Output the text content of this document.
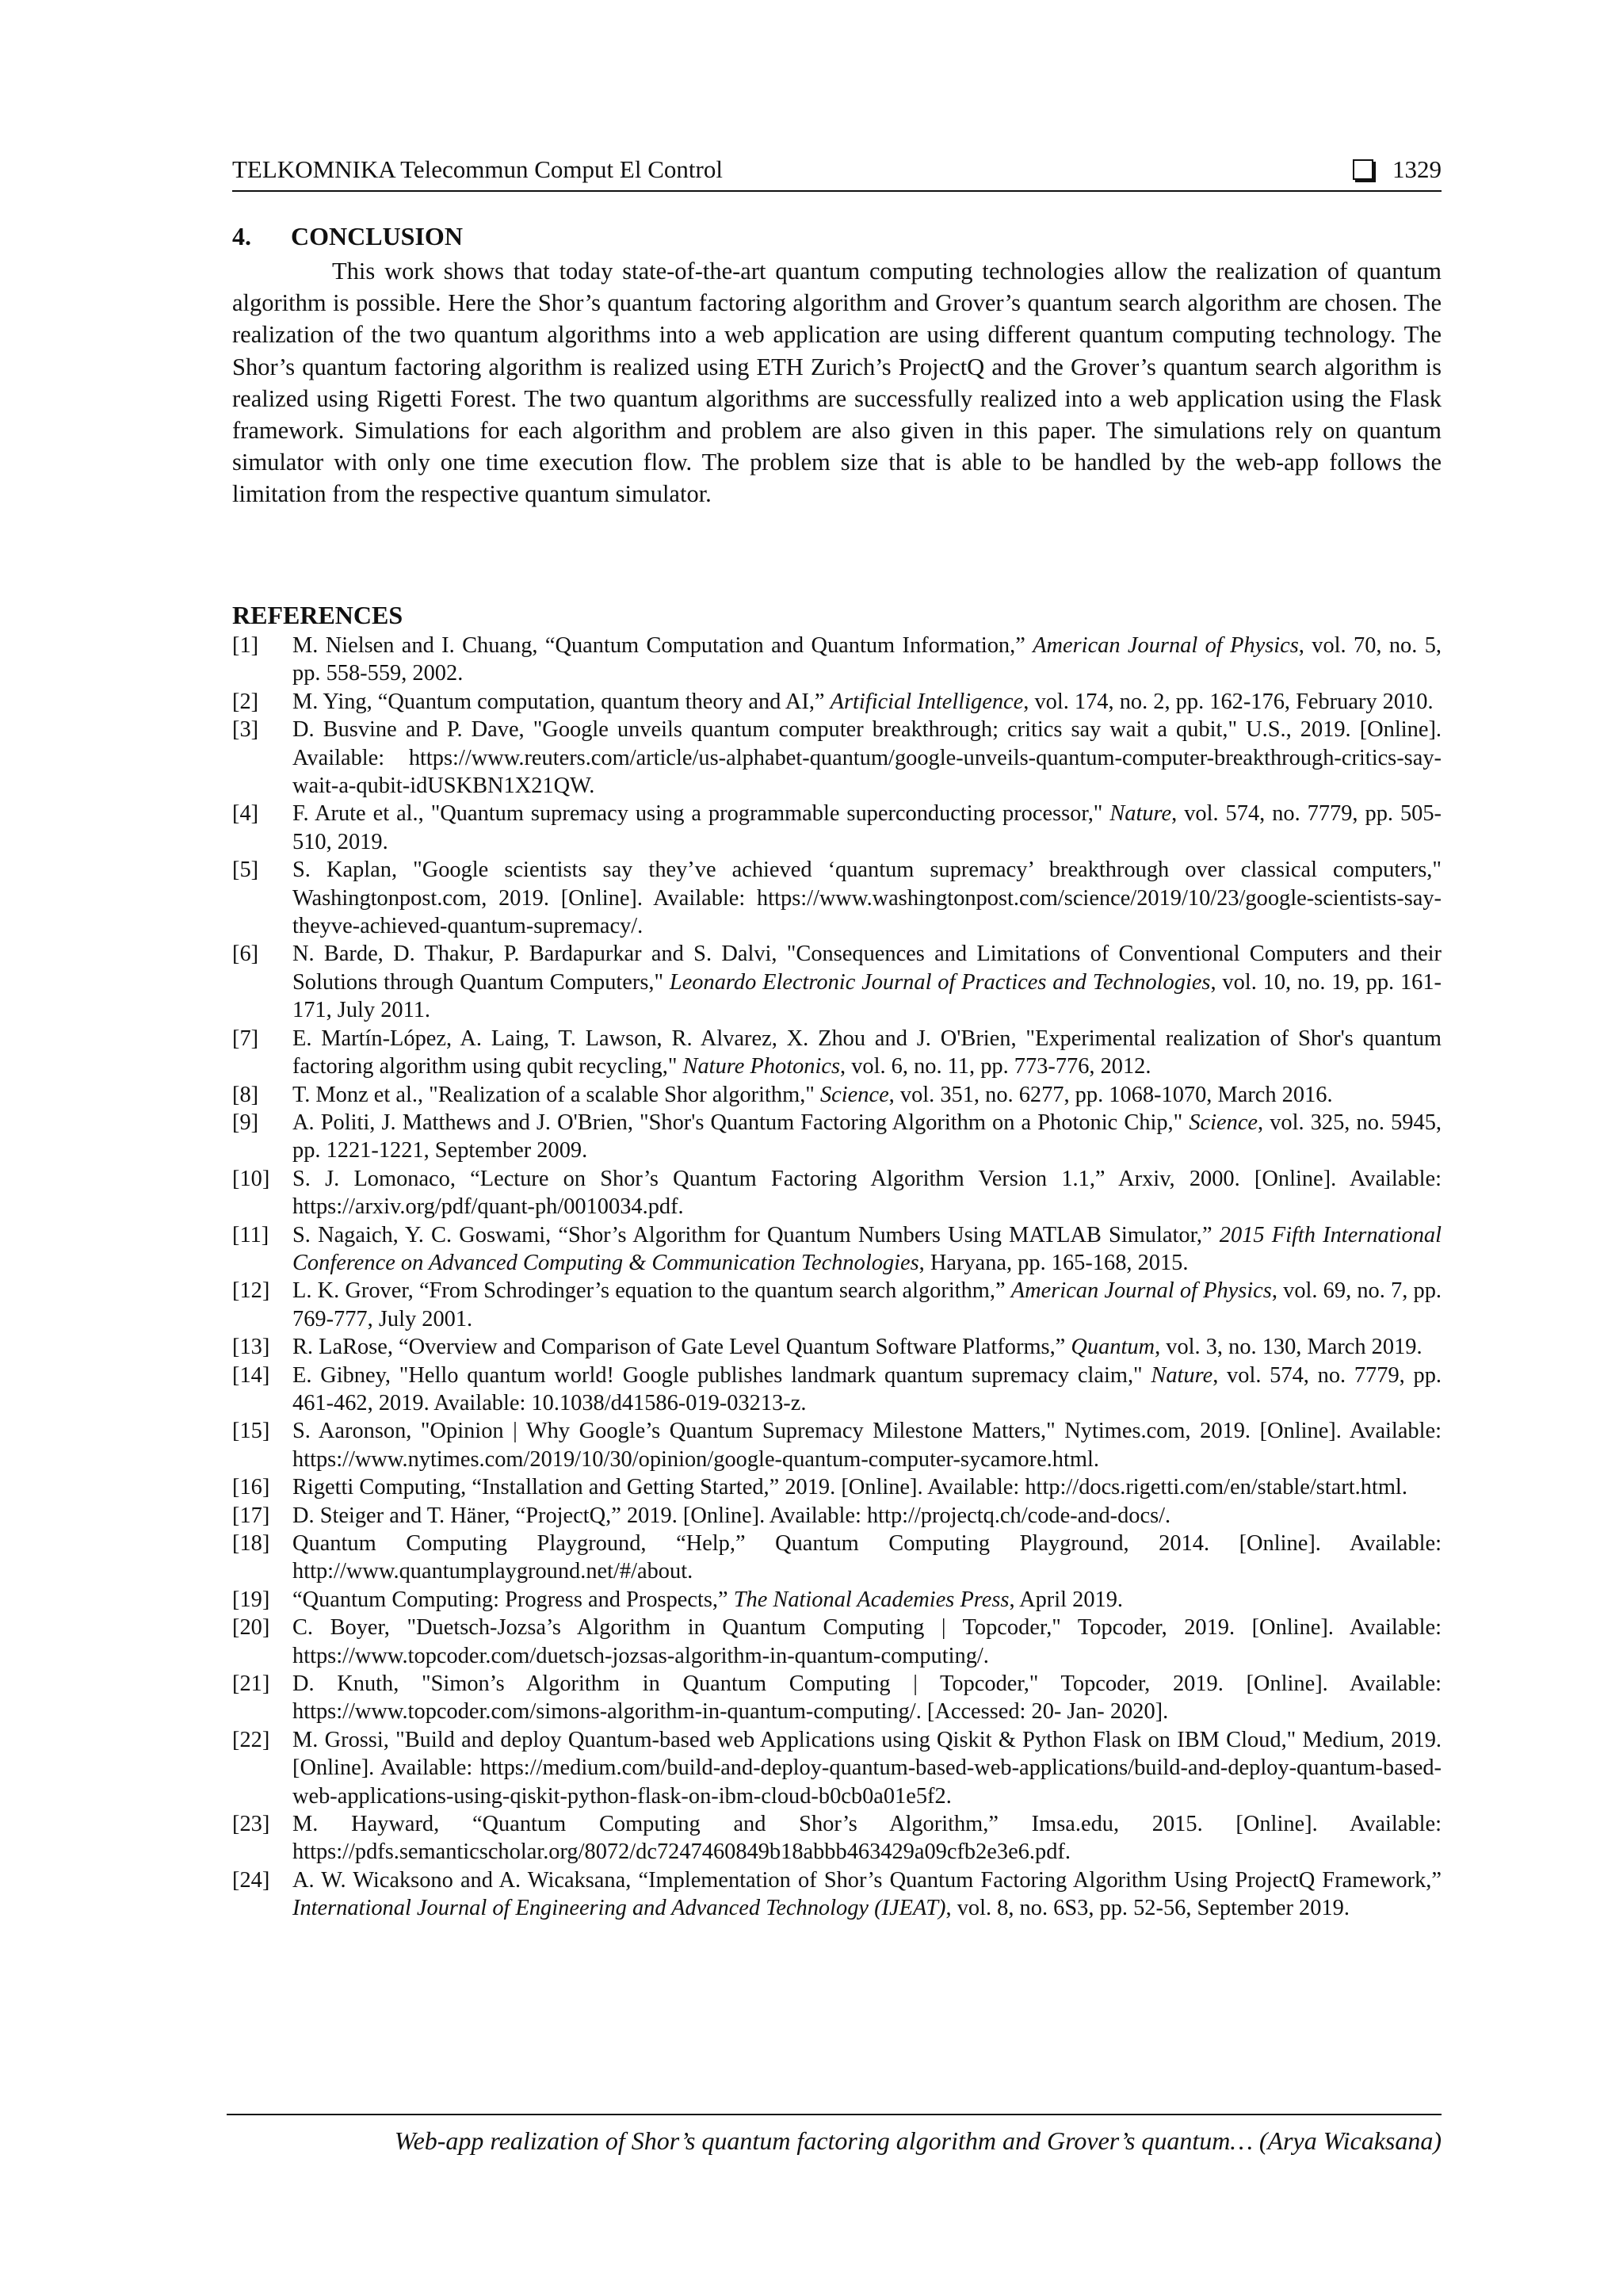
TELKOMNIKA Telecommun Comput El Control	1329
4. CONCLUSION

This work shows that today state-of-the-art quantum computing technologies allow the realization of quantum algorithm is possible. Here the Shor’s quantum factoring algorithm and Grover’s quantum search algorithm are chosen. The realization of the two quantum algorithms into a web application are using different quantum computing technology. The Shor’s quantum factoring algorithm is realized using ETH Zurich’s ProjectQ and the Grover’s quantum search algorithm is realized using Rigetti Forest. The two quantum algorithms are successfully realized into a web application using the Flask framework. Simulations for each algorithm and problem are also given in this paper. The simulations rely on quantum simulator with only one time execution flow. The problem size that is able to be handled by the web-app follows the limitation from the respective quantum simulator.

REFERENCES
[1]	M. Nielsen and I. Chuang, “Quantum Computation and Quantum Information,” American Journal of Physics, vol. 70, no. 5, pp. 558-559, 2002.
[2]	M. Ying, “Quantum computation, quantum theory and AI,” Artificial Intelligence, vol. 174, no. 2, pp. 162-176, February 2010.
[3]	D. Busvine and P. Dave, "Google unveils quantum computer breakthrough; critics say wait a qubit," U.S., 2019. [Online]. Available: https://www.reuters.com/article/us-alphabet-quantum/google-unveils-quantum-computer-breakthrough-critics-say-wait-a-qubit-idUSKBN1X21QW.
[4]	F. Arute et al., "Quantum supremacy using a programmable superconducting processor," Nature, vol. 574, no. 7779, pp. 505-510, 2019.
[5]	S. Kaplan, "Google scientists say they’ve achieved ‘quantum supremacy’ breakthrough over classical computers," Washingtonpost.com, 2019. [Online]. Available: https://www.washingtonpost.com/science/2019/10/23/google-scientists-say-theyve-achieved-quantum-supremacy/.
[6]	N. Barde, D. Thakur, P. Bardapurkar and S. Dalvi, "Consequences and Limitations of Conventional Computers and their Solutions through Quantum Computers," Leonardo Electronic Journal of Practices and Technologies, vol. 10, no. 19, pp. 161-171, July 2011.
[7]	E. Martín-López, A. Laing, T. Lawson, R. Alvarez, X. Zhou and J. O'Brien, "Experimental realization of Shor's quantum factoring algorithm using qubit recycling," Nature Photonics, vol. 6, no. 11, pp. 773-776, 2012.
[8]	T. Monz et al., "Realization of a scalable Shor algorithm," Science, vol. 351, no. 6277, pp. 1068-1070, March 2016.
[9]	A. Politi, J. Matthews and J. O'Brien, "Shor's Quantum Factoring Algorithm on a Photonic Chip," Science, vol. 325, no. 5945, pp. 1221-1221, September 2009.
[10]	S. J. Lomonaco, “Lecture on Shor’s Quantum Factoring Algorithm Version 1.1,” Arxiv, 2000. [Online]. Available: https://arxiv.org/pdf/quant-ph/0010034.pdf.
[11]	S. Nagaich, Y. C. Goswami, “Shor’s Algorithm for Quantum Numbers Using MATLAB Simulator,” 2015 Fifth International Conference on Advanced Computing & Communication Technologies, Haryana, pp. 165-168, 2015.
[12]	L. K. Grover, “From Schrodinger’s equation to the quantum search algorithm,” American Journal of Physics, vol. 69, no. 7, pp. 769-777, July 2001.
[13]	R. LaRose, “Overview and Comparison of Gate Level Quantum Software Platforms,” Quantum, vol. 3, no. 130, March 2019.
[14]	E. Gibney, "Hello quantum world! Google publishes landmark quantum supremacy claim," Nature, vol. 574, no. 7779, pp. 461-462, 2019. Available: 10.1038/d41586-019-03213-z.
[15]	S. Aaronson, "Opinion | Why Google’s Quantum Supremacy Milestone Matters," Nytimes.com, 2019. [Online]. Available: https://www.nytimes.com/2019/10/30/opinion/google-quantum-computer-sycamore.html.
[16]	Rigetti Computing, “Installation and Getting Started,” 2019. [Online]. Available: http://docs.rigetti.com/en/stable/start.html.
[17]	D. Steiger and T. Häner, “ProjectQ,” 2019. [Online]. Available: http://projectq.ch/code-and-docs/.
[18]	Quantum Computing Playground, “Help,” Quantum Computing Playground, 2014. [Online]. Available: http://www.quantumplayground.net/#/about.
[19]	“Quantum Computing: Progress and Prospects,” The National Academies Press, April 2019.
[20]	C. Boyer, "Duetsch-Jozsa’s Algorithm in Quantum Computing | Topcoder," Topcoder, 2019. [Online]. Available: https://www.topcoder.com/duetsch-jozsas-algorithm-in-quantum-computing/.
[21]	D. Knuth, "Simon’s Algorithm in Quantum Computing | Topcoder," Topcoder, 2019. [Online]. Available: https://www.topcoder.com/simons-algorithm-in-quantum-computing/. [Accessed: 20- Jan- 2020].
[22]	M. Grossi, "Build and deploy Quantum-based web Applications using Qiskit & Python Flask on IBM Cloud," Medium, 2019. [Online]. Available: https://medium.com/build-and-deploy-quantum-based-web-applications/build-and-deploy-quantum-based-web-applications-using-qiskit-python-flask-on-ibm-cloud-b0cb0a01e5f2.
[23]	M. Hayward, “Quantum Computing and Shor’s Algorithm,” Imsa.edu, 2015. [Online]. Available: https://pdfs.semanticscholar.org/8072/dc7247460849b18abbb463429a09cfb2e3e6.pdf.
[24]	A. W. Wicaksono and A. Wicaksana, “Implementation of Shor’s Quantum Factoring Algorithm Using ProjectQ Framework,” International Journal of Engineering and Advanced Technology (IJEAT), vol. 8, no. 6S3, pp. 52-56, September 2019.
Web-app realization of Shor’s quantum factoring algorithm and Grover’s quantum… (Arya Wicaksana)
